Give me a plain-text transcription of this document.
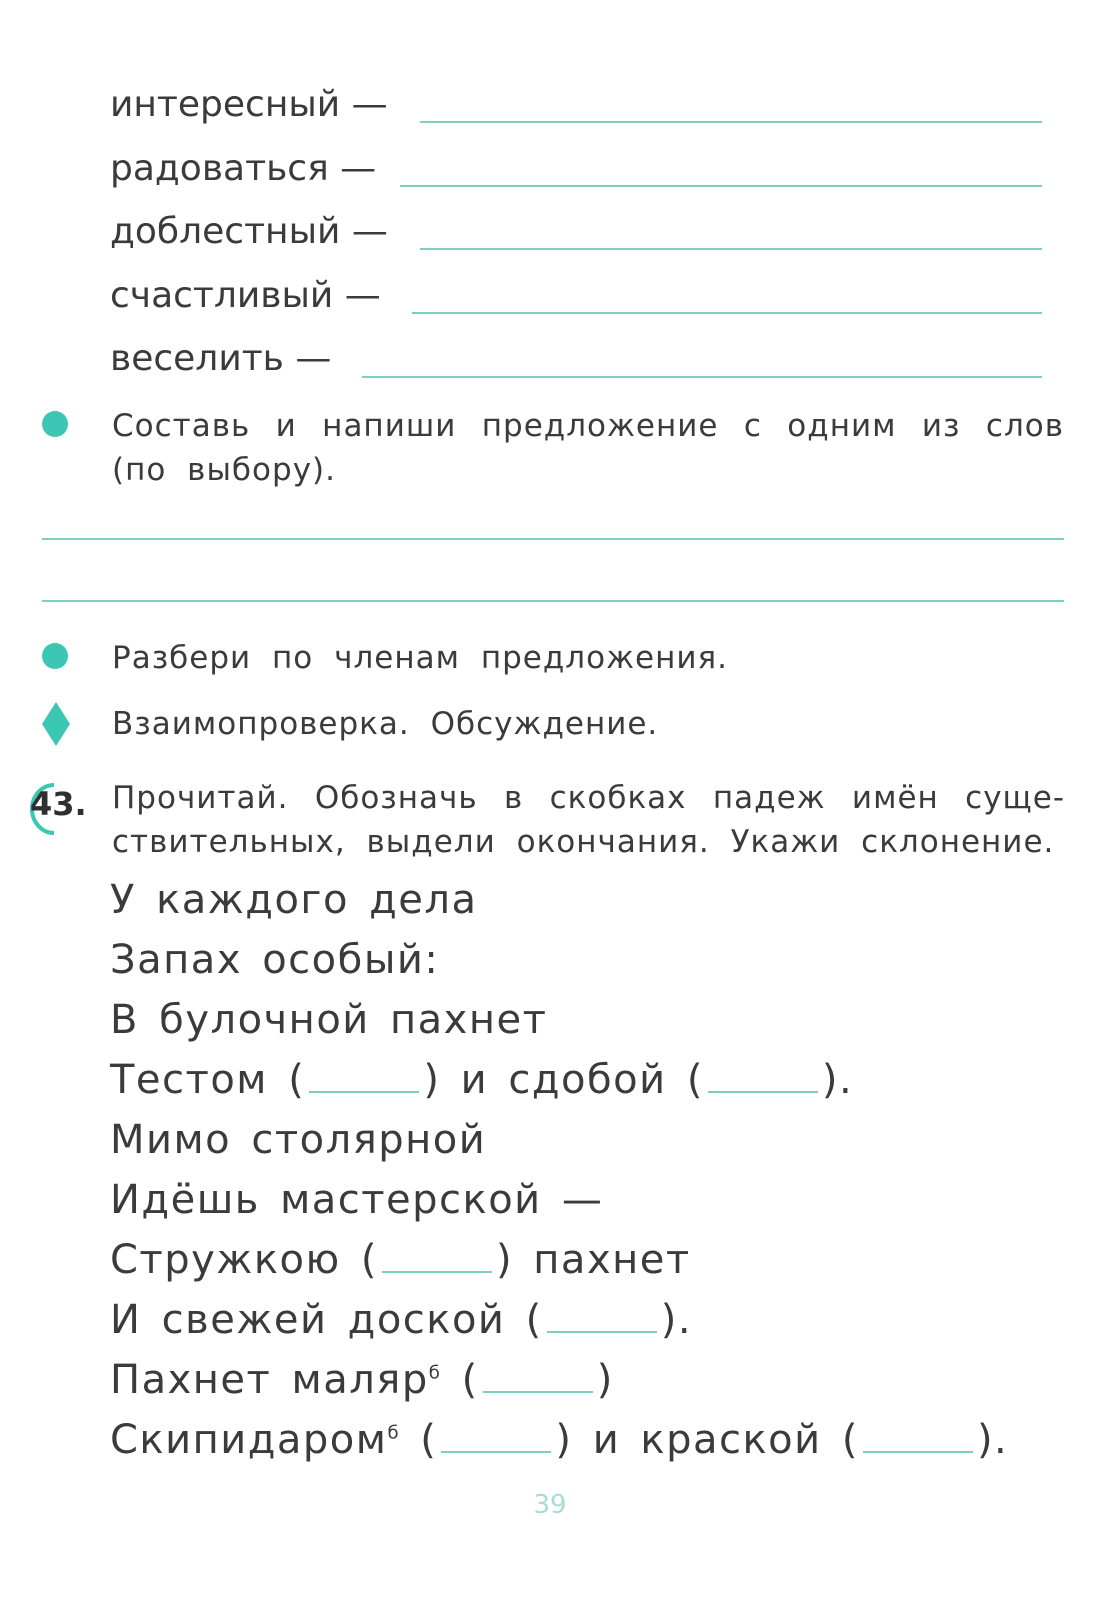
интересный —
радоваться —
доблестный —
счастливый —
веселить —
Составь и напиши предложение с одним из слов (по выбору).
Разбери по членам предложения.
Взаимопроверка. Обсуждение.
43. Прочитай. Обозначь в скобках падеж имён существительных, выдели окончания. Укажи склонение.
У каждого дела
Запах особый:
В булочной пахнет
Тестом (	) и сдобой (	).
Мимо столярной
Идёшь мастерской —
Стружкою (	) пахнет
И свежей доской (	).
Пахнет маляр$^б$ (	)
Скипидаром$^б$ (	) и краской (	).
39
